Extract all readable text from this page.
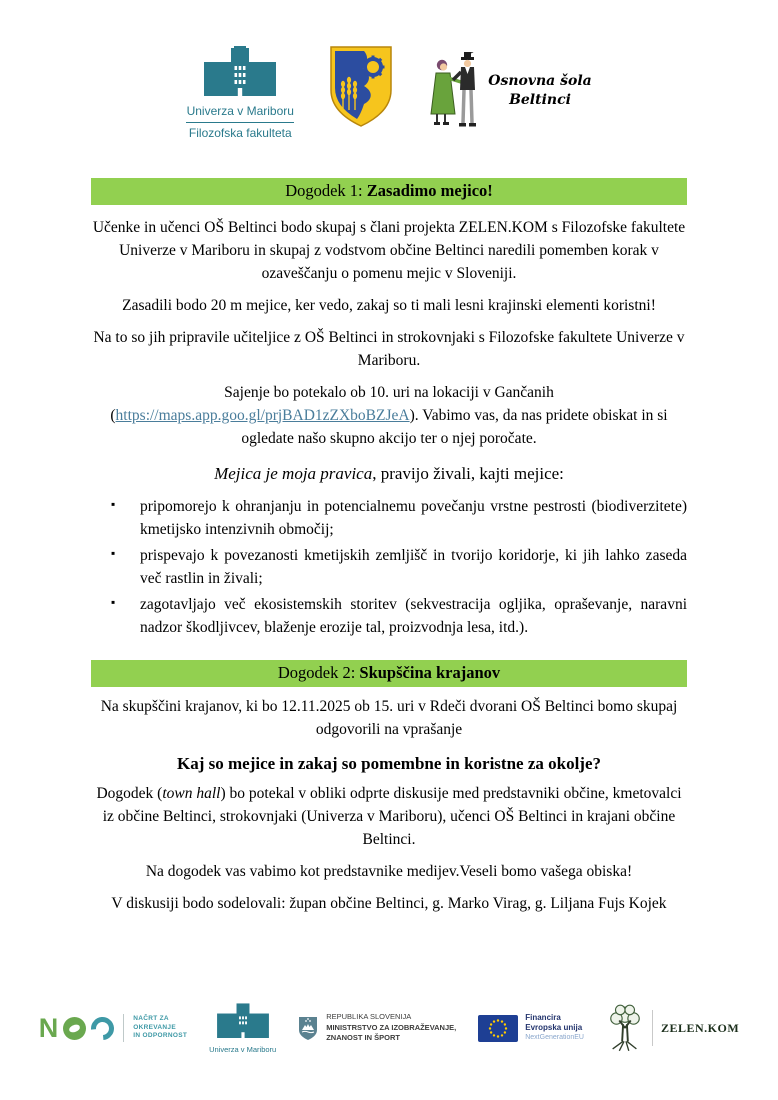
Univerza v Mariboru
Filozofska fakulteta
Osnovna šola
Beltinci
Dogodek 1: Zasadimo mejico!

Učenke in učenci OŠ Beltinci bodo skupaj s člani projekta ZELEN.KOM s Filozofske fakultete Univerze v Mariboru in skupaj z vodstvom občine Beltinci naredili pomemben korak v ozaveščanju o pomenu mejic v Sloveniji.

Zasadili bodo 20 m mejice, ker vedo, zakaj so ti mali lesni krajinski elementi koristni!

Na to so jih pripravile učiteljice z OŠ Beltinci in strokovnjaki s Filozofske fakultete Univerze v Mariboru.

Sajenje bo potekalo ob 10. uri na lokaciji v Gančanih (https://maps.app.goo.gl/prjBAD1zZXboBZJeA). Vabimo vas, da nas pridete obiskat in si ogledate našo skupno akcijo ter o njej poročate.

Mejica je moja pravica, pravijo živali, kajti mejice:

▪ pripomorejo k ohranjanju in potencialnemu povečanju vrstne pestrosti (biodiverzitete) kmetijsko intenzivnih območij;
▪ prispevajo k povezanosti kmetijskih zemljišč in tvorijo koridorje, ki jih lahko zaseda več rastlin in živali;
▪ zagotavljajo več ekosistemskih storitev (sekvestracija ogljika, opraševanje, naravni nadzor škodljivcev, blaženje erozije tal, proizvodnja lesa, itd.).
Dogodek 2: Skupščina krajanov

Na skupščini krajanov, ki bo 12.11.2025 ob 15. uri v Rdeči dvorani OŠ Beltinci bomo skupaj odgovorili na vprašanje

Kaj so mejice in zakaj so pomembne in koristne za okolje?

Dogodek (town hall) bo potekal v obliki odprte diskusije med predstavniki občine, kmetovalci iz občine Beltinci, strokovnjaki (Univerza v Mariboru), učenci OŠ Beltinci in krajani občine Beltinci.

Na dogodek vas vabimo kot predstavnike medijev.Veseli bomo vašega obiska!

V diskusiji bodo sodelovali: župan občine Beltinci, g. Marko Virag, g. Liljana Fujs Kojek

N	NAČRT ZA
OKREVANJE
IN ODPORNOST
Univerza v Mariboru
REPUBLIKA SLOVENIJA
MINISTRSTVO ZA IZOBRAŽEVANJE,
ZNANOST IN ŠPORT
Financira
Evropska unija
NextGenerationEU
ZELEN.KOM
